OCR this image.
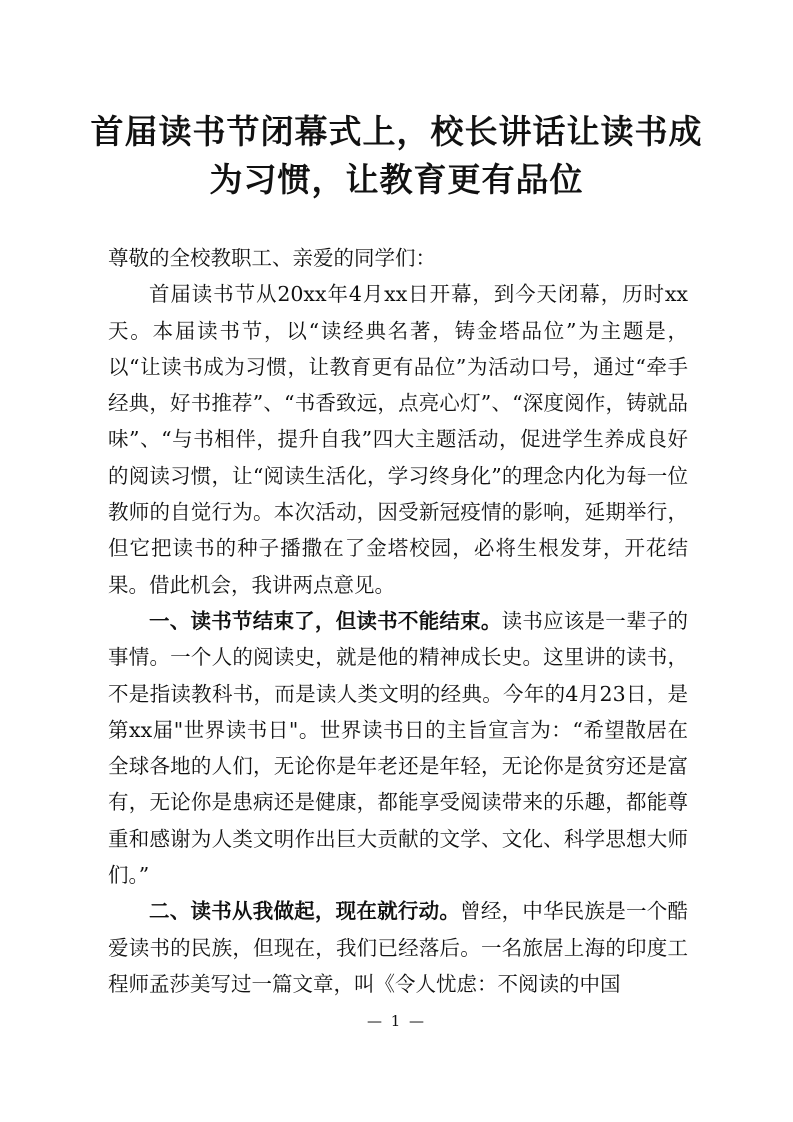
首届读书节闭幕式上，校长讲话让读书成为习惯，让教育更有品位

尊敬的全校教职工、亲爱的同学们：

首届读书节从20xx年4月xx日开幕，到今天闭幕，历时xx天。本届读书节，以“读经典名著，铸金塔品位”为主题是，以“让读书成为习惯，让教育更有品位”为活动口号，通过“牵手经典，好书推荐”、“书香致远，点亮心灯”、“深度阅作，铸就品味”、“与书相伴，提升自我”四大主题活动，促进学生养成良好的阅读习惯，让“阅读生活化，学习终身化”的理念内化为每一位教师的自觉行为。本次活动，因受新冠疫情的影响，延期举行，但它把读书的种子播撒在了金塔校园，必将生根发芽，开花结果。借此机会，我讲两点意见。

一、读书节结束了，但读书不能结束。读书应该是一辈子的事情。一个人的阅读史，就是他的精神成长史。这里讲的读书，不是指读教科书，而是读人类文明的经典。今年的4月23日，是第xx届"世界读书日"。世界读书日的主旨宣言为：“希望散居在全球各地的人们，无论你是年老还是年轻，无论你是贫穷还是富有，无论你是患病还是健康，都能享受阅读带来的乐趣，都能尊重和感谢为人类文明作出巨大贡献的文学、文化、科学思想大师们。”

二、读书从我做起，现在就行动。曾经，中华民族是一个酷爱读书的民族，但现在，我们已经落后。一名旅居上海的印度工程师孟莎美写过一篇文章，叫《令人忧虑：不阅读的中国

— 1 —
